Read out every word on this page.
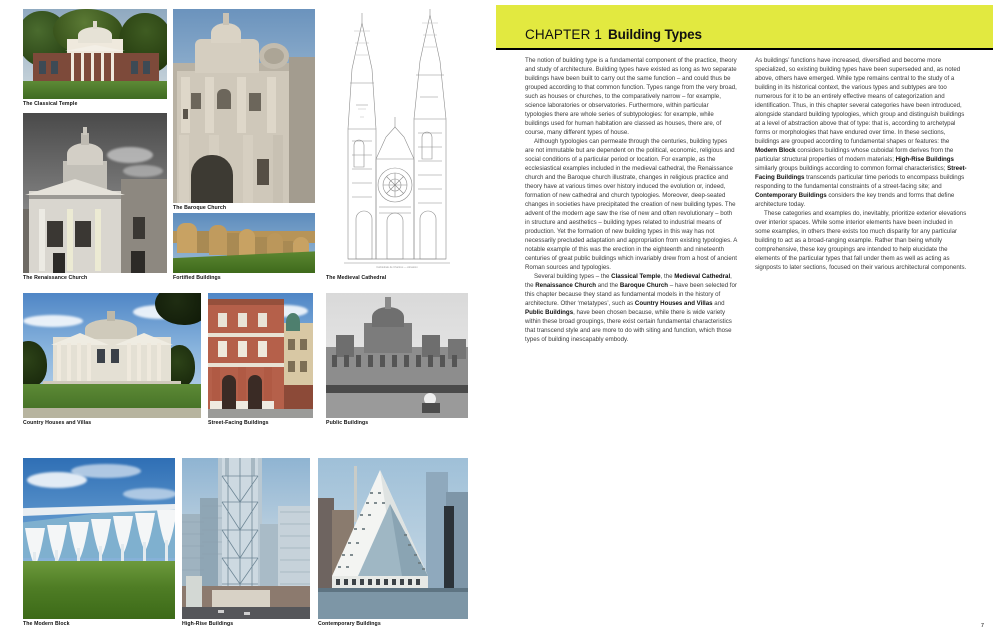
The Classical Temple
The Renaissance Church
The Baroque Church
Fortified Buildings
Cathédrale de Chartres — élévation
The Medieval Cathedral
Country Houses and Villas	Street-Facing Buildings	Public Buildings
The Modern Block	High-Rise Buildings	Contemporary Buildings
CHAPTER 1 Building Types

The notion of building type is a fundamental component of the practice, theory and study of architecture. Building types have existed as long as two separate buildings have been built to carry out the same function – and could thus be grouped according to that common function. Types range from the very broad, such as houses or churches, to the comparatively narrow – for example, science laboratories or observatories. Furthermore, within particular typologies there are whole series of subtypologies: for example, while buildings used for human habitation are classed as houses, there are, of course, many different types of house.

Although typologies can permeate through the centuries, building types are not immutable but are dependent on the political, economic, religious and social conditions of a particular period or location. For example, as the ecclesiastical examples included in the medieval cathedral, the Renaissance church and the Baroque church illustrate, changes in religious practice and theory have at various times over history induced the evolution or, indeed, formation of new cathedral and church typologies. Moreover, deep-seated changes in societies have precipitated the creation of new building types. The advent of the modern age saw the rise of new and often revolutionary – both in structure and aesthetics – building types related to industrial means of production. Yet the formation of new building types in this way has not necessarily precluded adaptation and appropriation from existing typologies. A notable example of this was the erection in the eighteenth and nineteenth centuries of great public buildings which invariably drew from a host of ancient Roman sources and typologies.

Several building types – the Classical Temple, the Medieval Cathedral, the Renaissance Church and the Baroque Church – have been selected for this chapter because they stand as fundamental models in the history of architecture. Other ‘metatypes’, such as Country Houses and Villas and Public Buildings, have been chosen because, while there is wide variety within these broad groupings, there exist certain fundamental characteristics that transcend style and are more to do with siting and function, which those types of building inescapably embody.

As buildings’ functions have increased, diversified and become more specialized, so existing building types have been superseded and, as noted above, others have emerged. While type remains central to the study of a building in its historical context, the various types and subtypes are too numerous for it to be an entirely effective means of categorization and identification. Thus, in this chapter several categories have been introduced, alongside standard building typologies, which group and distinguish buildings at a level of abstraction above that of type: that is, according to archetypal forms or morphologies that have endured over time. In these sections, buildings are grouped according to fundamental shapes or features: the Modern Block considers buildings whose cuboidal form derives from the particular structural properties of modern materials; High-Rise Buildings similarly groups buildings according to common formal characteristics; Street-Facing Buildings transcends particular time periods to encompass buildings responding to the fundamental constraints of a street-facing site; and Contemporary Buildings considers the key trends and forms that define architecture today.

These categories and examples do, inevitably, prioritize exterior elevations over interior spaces. While some interior elements have been included in some examples, in others there exists too much disparity for any particular building to act as a broad-ranging example. Rather than being wholly comprehensive, these key groupings are intended to help elucidate the elements of the particular types that fall under them as well as acting as signposts to later sections, focused on their various architectural components.

7
